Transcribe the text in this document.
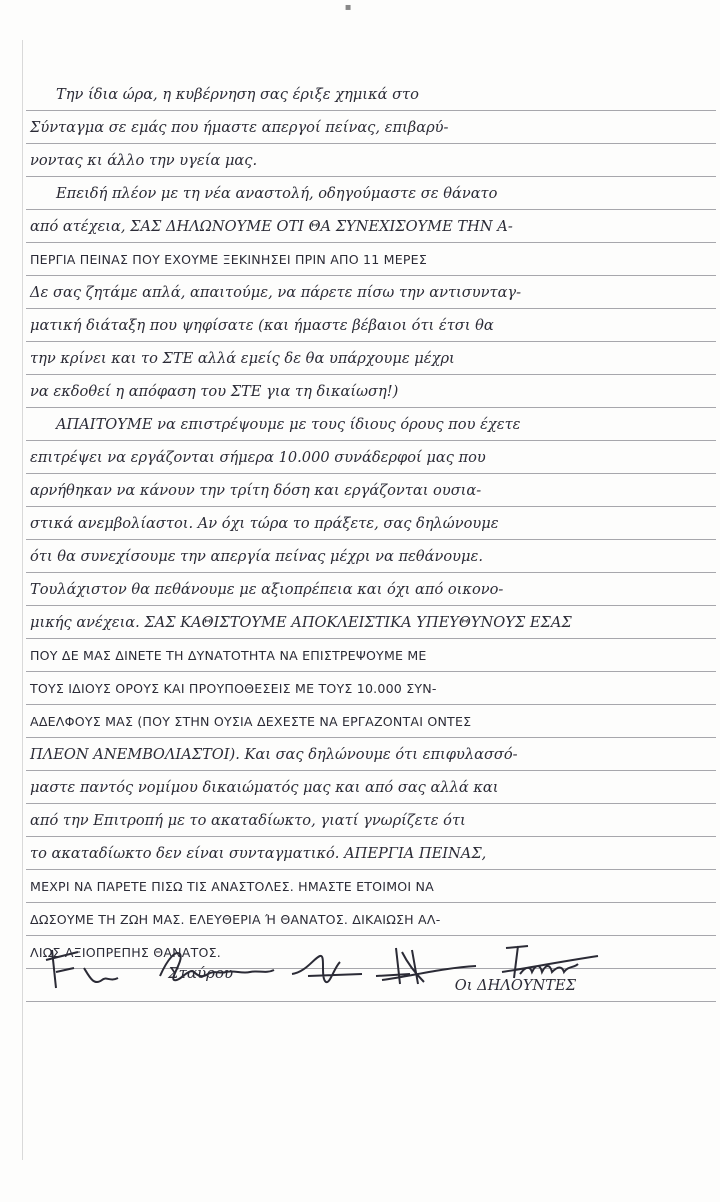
▪
Την ίδια ώρα, η κυβέρνηση σας έριξε χημικά στο
Σύνταγμα σε εμάς που ήμαστε απεργοί πείνας, επιβαρύ-
νοντας κι άλλο την υγεία μας.
Επειδή πλέον με τη νέα αναστολή, οδηγούμαστε σε θάνατο
από ατέχεια, ΣΑΣ ΔΗΛΩΝΟΥΜΕ ΟΤΙ ΘΑ ΣΥΝΕΧΙΣΟΥΜΕ ΤΗΝ Α-
ΠΕΡΓΙΑ ΠΕΙΝΑΣ ΠΟΥ ΕΧΟΥΜΕ ΞΕΚΙΝΗΣΕΙ ΠΡΙΝ ΑΠΟ 11 ΜΕΡΕΣ
Δε σας ζητάμε απλά, απαιτούμε, να πάρετε πίσω την αντισυνταγ-
ματική διάταξη που ψηφίσατε (και ήμαστε βέβαιοι ότι έτσι θα
την κρίνει και το ΣΤΕ αλλά εμείς δε θα υπάρχουμε μέχρι
να εκδοθεί η απόφαση του ΣΤΕ για τη δικαίωση!)
ΑΠΑΙΤΟΥΜΕ να επιστρέψουμε με τους ίδιους όρους που έχετε
επιτρέψει να εργάζονται σήμερα 10.000 συνάδερφοί μας που
αρνήθηκαν να κάνουν την τρίτη δόση και εργάζονται ουσια-
στικά ανεμβολίαστοι. Αν όχι τώρα το πράξετε, σας δηλώνουμε
ότι θα συνεχίσουμε την απεργία πείνας μέχρι να πεθάνουμε.
Τουλάχιστον θα πεθάνουμε με αξιοπρέπεια και όχι από οικονο-
μικής ανέχεια. ΣΑΣ ΚΑΘΙΣΤΟΥΜΕ ΑΠΟΚΛΕΙΣΤΙΚΑ ΥΠΕΥΘΥΝΟΥΣ ΕΣΑΣ
ΠΟΥ ΔΕ ΜΑΣ ΔΙΝΕΤΕ ΤΗ ΔΥΝΑΤΟΤΗΤΑ ΝΑ ΕΠΙΣΤΡΕΨΟΥΜΕ ΜΕ
ΤΟΥΣ ΙΔΙΟΥΣ ΟΡΟΥΣ ΚΑΙ ΠΡΟΥΠΟΘΕΣΕΙΣ ΜΕ ΤΟΥΣ 10.000 ΣΥΝ-
ΑΔΕΛΦΟΥΣ ΜΑΣ (ΠΟΥ ΣΤΗΝ ΟΥΣΙΑ ΔΕΧΕΣΤΕ ΝΑ ΕΡΓΑΖΟΝΤΑΙ ΟΝΤΕΣ
ΠΛΕΟΝ ΑΝΕΜΒΟΛΙΑΣΤΟΙ). Και σας δηλώνουμε ότι επιφυλασσό-
μαστε παντός νομίμου δικαιώματός μας και από σας αλλά και
από την Επιτροπή με το ακαταδίωκτο, γιατί γνωρίζετε ότι
το ακαταδίωκτο δεν είναι συνταγματικό. ΑΠΕΡΓΙΑ ΠΕΙΝΑΣ,
ΜΕΧΡΙ ΝΑ ΠΑΡΕΤΕ ΠΙΣΩ ΤΙΣ ΑΝΑΣΤΟΛΕΣ. ΗΜΑΣΤΕ ΕΤΟΙΜΟΙ ΝΑ
ΔΩΣΟΥΜΕ ΤΗ ΖΩΗ ΜΑΣ. ΕΛΕΥΘΕΡΙΑ Ή ΘΑΝΑΤΟΣ. ΔΙΚΑΙΩΣΗ ΑΛ-
ΛΙΩΣ ΑΞΙΟΠΡΕΠΗΣ ΘΑΝΑΤΟΣ.
Οι ΔΗΛΟΥΝΤΕΣ
Σταύρου
